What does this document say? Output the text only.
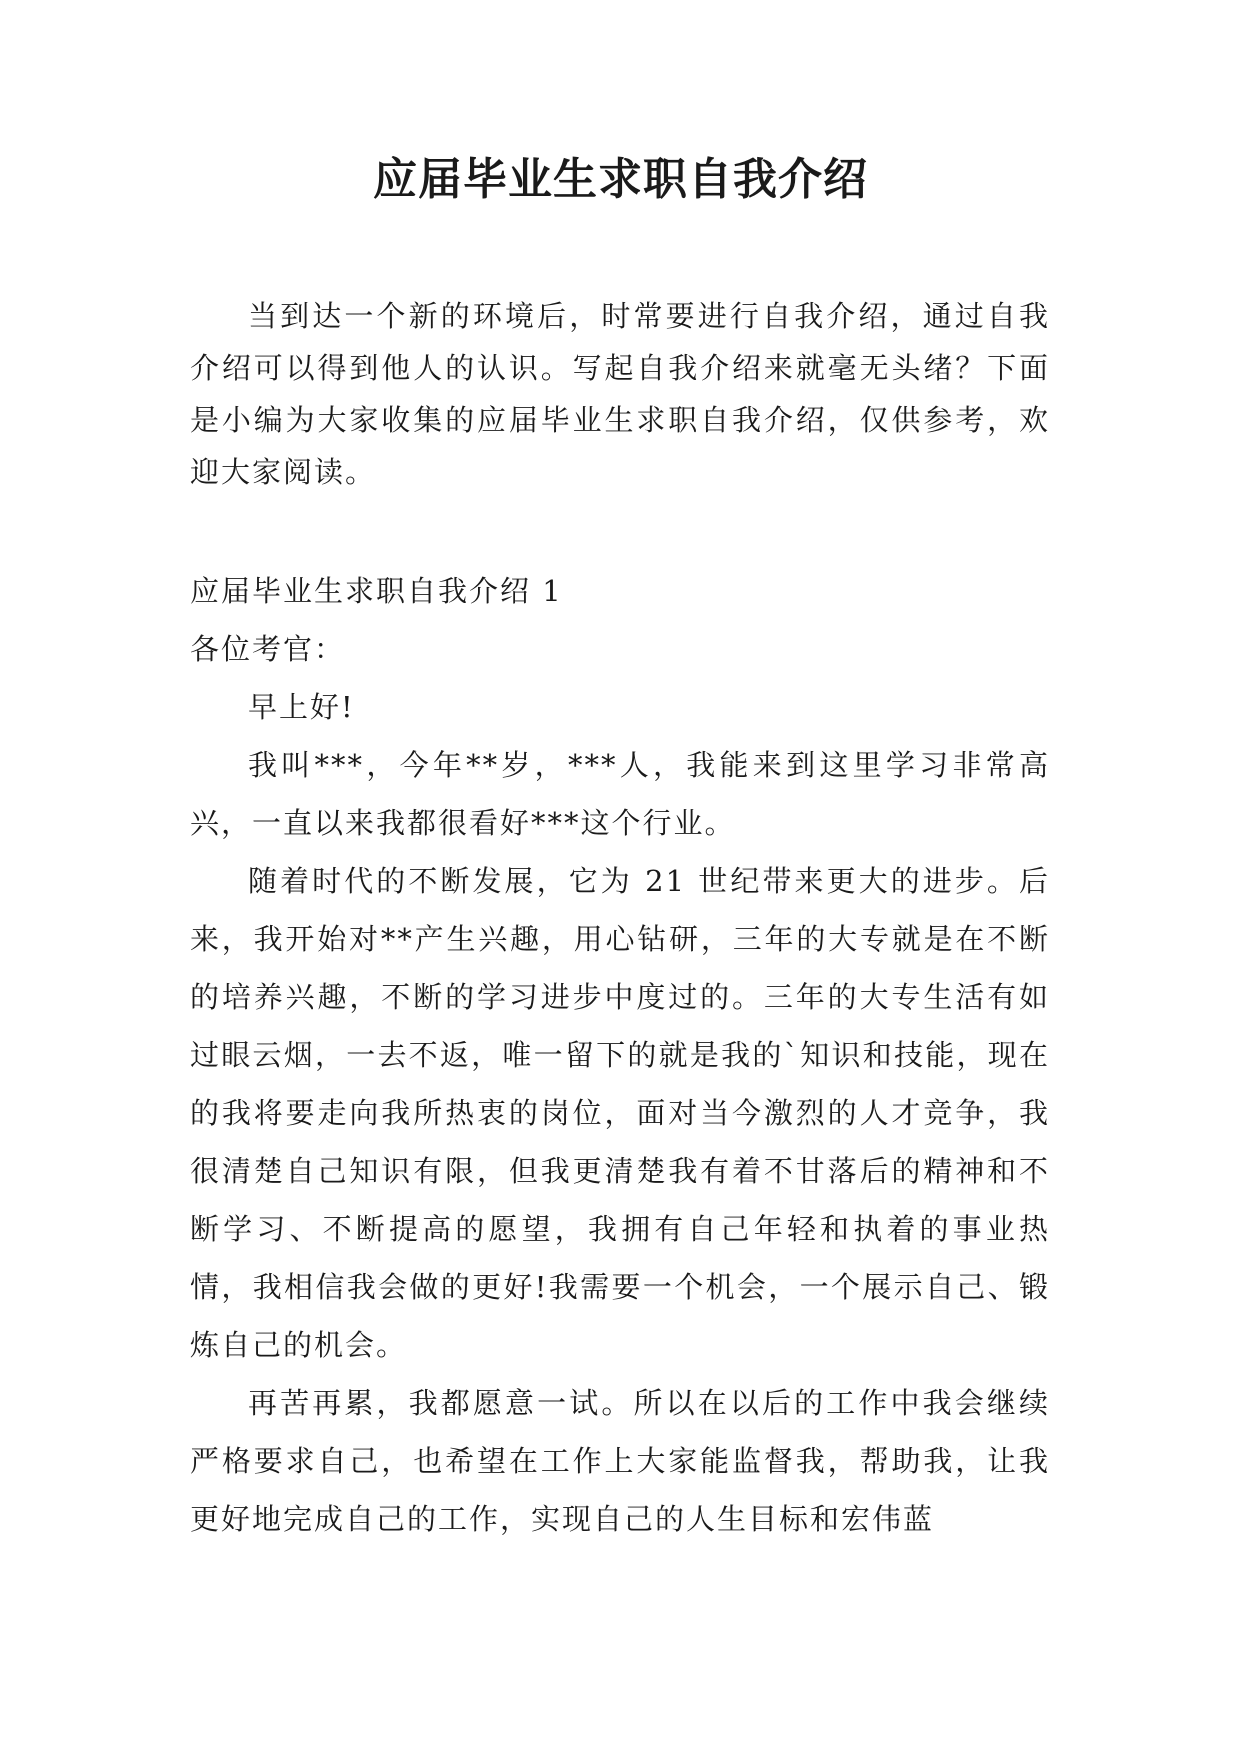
应届毕业生求职自我介绍

当到达一个新的环境后，时常要进行自我介绍，通过自我介绍可以得到他人的认识。写起自我介绍来就毫无头绪？下面是小编为大家收集的应届毕业生求职自我介绍，仅供参考，欢迎大家阅读。

应届毕业生求职自我介绍 1

各位考官：

早上好!

我叫***，今年**岁，***人，我能来到这里学习非常高兴，一直以来我都很看好***这个行业。

随着时代的不断发展，它为 21 世纪带来更大的进步。后来，我开始对**产生兴趣，用心钻研，三年的大专就是在不断的培养兴趣，不断的学习进步中度过的。三年的大专生活有如过眼云烟，一去不返，唯一留下的就是我的`知识和技能，现在的我将要走向我所热衷的岗位，面对当今激烈的人才竞争，我很清楚自己知识有限，但我更清楚我有着不甘落后的精神和不断学习、不断提高的愿望，我拥有自己年轻和执着的事业热情，我相信我会做的更好!我需要一个机会，一个展示自己、锻炼自己的机会。

再苦再累，我都愿意一试。所以在以后的工作中我会继续严格要求自己，也希望在工作上大家能监督我，帮助我，让我更好地完成自己的工作，实现自己的人生目标和宏伟蓝
